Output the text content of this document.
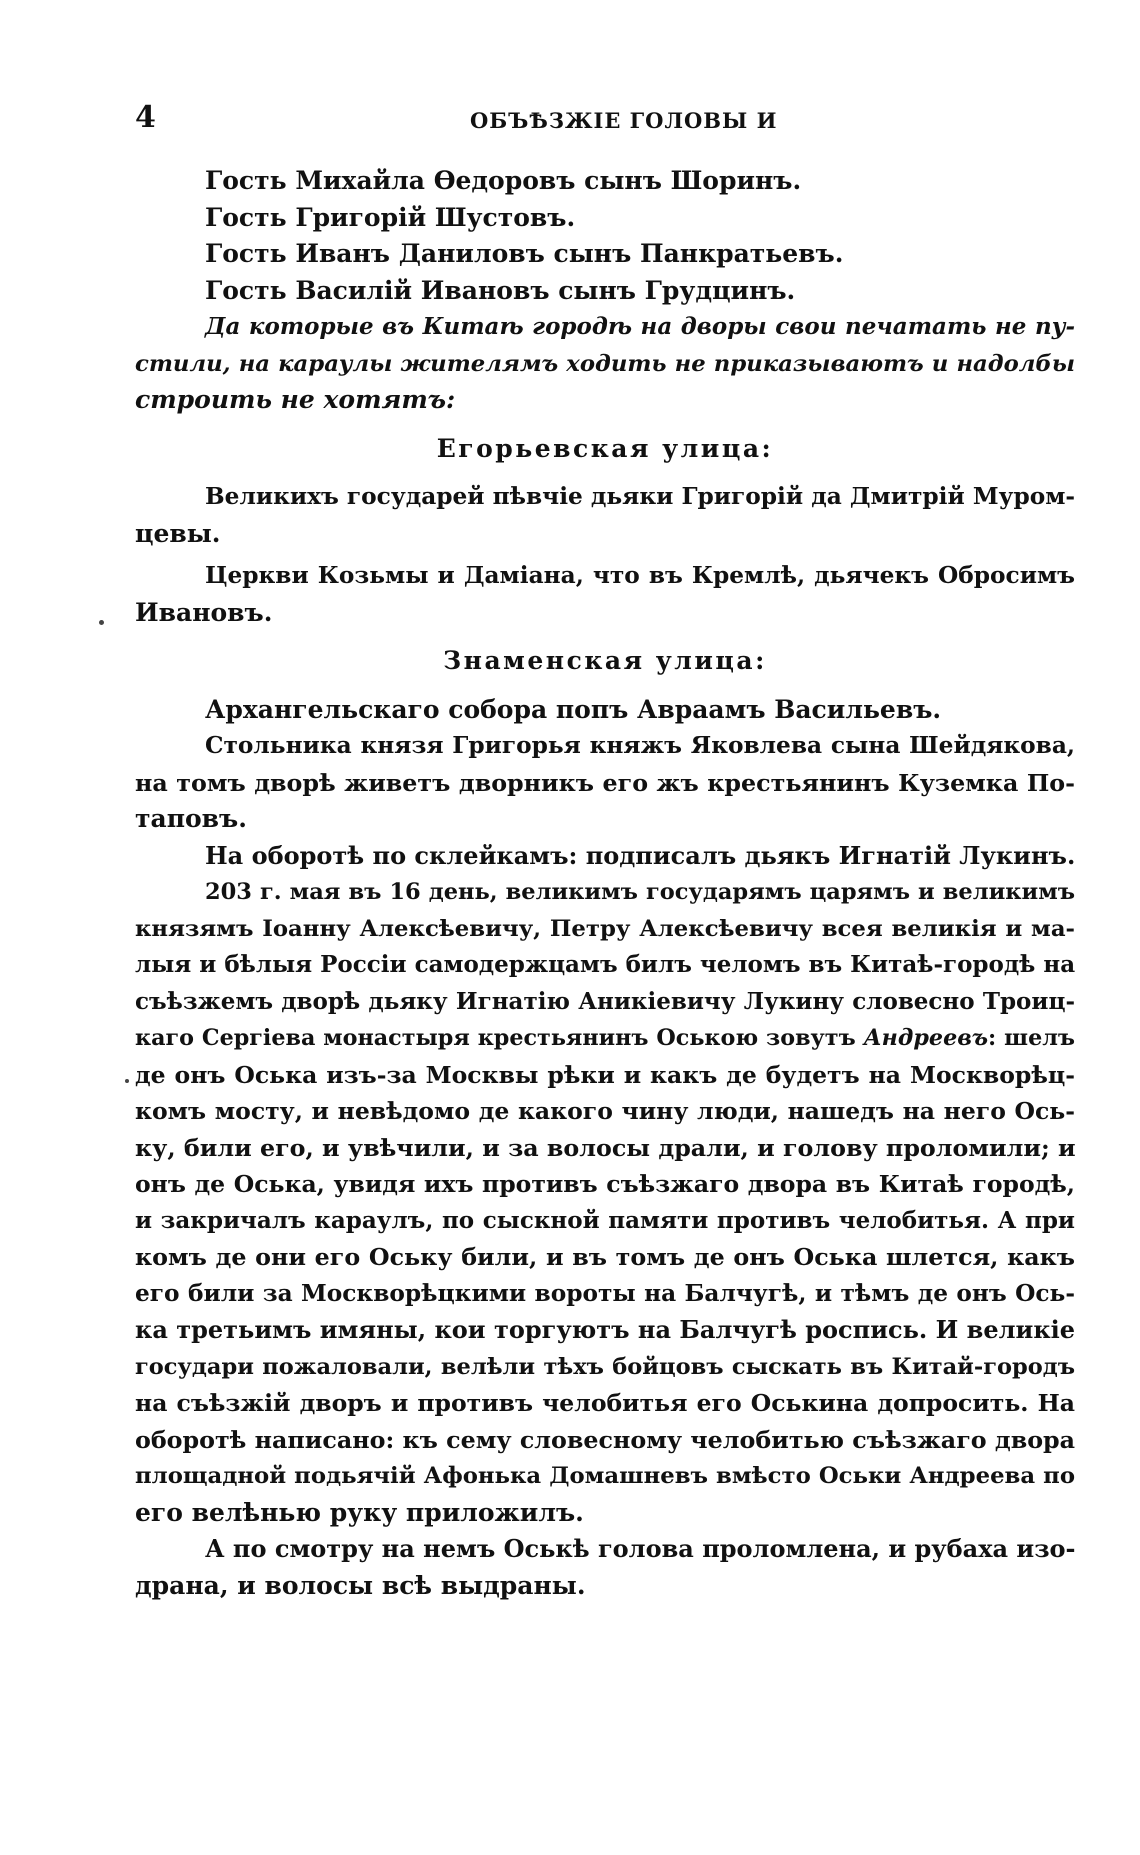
4	ОБЪѢЗЖІЕ ГОЛОВЫ И
Гость Михайла Ѳедоровъ сынъ Шоринъ.
Гость Григорій Шустовъ.
Гость Иванъ Даниловъ сынъ Панкратьевъ.
Гость Василій Ивановъ сынъ Грудцинъ.
Да которые въ Китаѣ городѣ на дворы свои печатать не пу-
стили, на караулы жителямъ ходить не приказываютъ и надолбы
строить не хотятъ:
Егорьевская улица:
Великихъ государей пѣвчіе дьяки Григорій да Дмитрій Муром-
цевы.
Церкви Козьмы и Даміана, что въ Кремлѣ, дьячекъ Обросимъ
Ивановъ.
Знаменская улица:
Архангельскаго собора попъ Авраамъ Васильевъ.
Стольника князя Григорья княжъ Яковлева сына Шейдякова,
на томъ дворѣ живетъ дворникъ его жъ крестьянинъ Куземка По-
таповъ.
На оборотѣ по склейкамъ: подписалъ дьякъ Игнатій Лукинъ.
203 г. мая въ 16 день, великимъ государямъ царямъ и великимъ
князямъ Іоанну Алексѣевичу, Петру Алексѣевичу всея великія и ма-
лыя и бѣлыя Россіи самодержцамъ билъ челомъ въ Китаѣ-городѣ на
съѣзжемъ дворѣ дьяку Игнатію Аникіевичу Лукину словесно Троиц-
каго Сергіева монастыря крестьянинъ Оською зовутъ Андреевъ: шелъ
де онъ Оська изъ-за Москвы рѣки и какъ де будетъ на Москворѣц-
комъ мосту, и невѣдомо де какого чину люди, нашедъ на него Ось-
ку, били его, и увѣчили, и за волосы драли, и голову проломили; и
онъ де Оська, увидя ихъ противъ съѣзжаго двора въ Китаѣ городѣ,
и закричалъ караулъ, по сыскной памяти противъ челобитья. А при
комъ де они его Оську били, и въ томъ де онъ Оська шлется, какъ
его били за Москворѣцкими вороты на Балчугѣ, и тѣмъ де онъ Ось-
ка третьимъ имяны, кои торгуютъ на Балчугѣ роспись. И великіе
государи пожаловали, велѣли тѣхъ бойцовъ сыскать въ Китай-городъ
на съѣзжій дворъ и противъ челобитья его Оськина допросить. На
оборотѣ написано: къ сему словесному челобитью съѣзжаго двора
площадной подьячій Афонька Домашневъ вмѣсто Оськи Андреева по
его велѣнью руку приложилъ.
А по смотру на немъ Оськѣ голова проломлена, и рубаха изо-
драна, и волосы всѣ выдраны.
